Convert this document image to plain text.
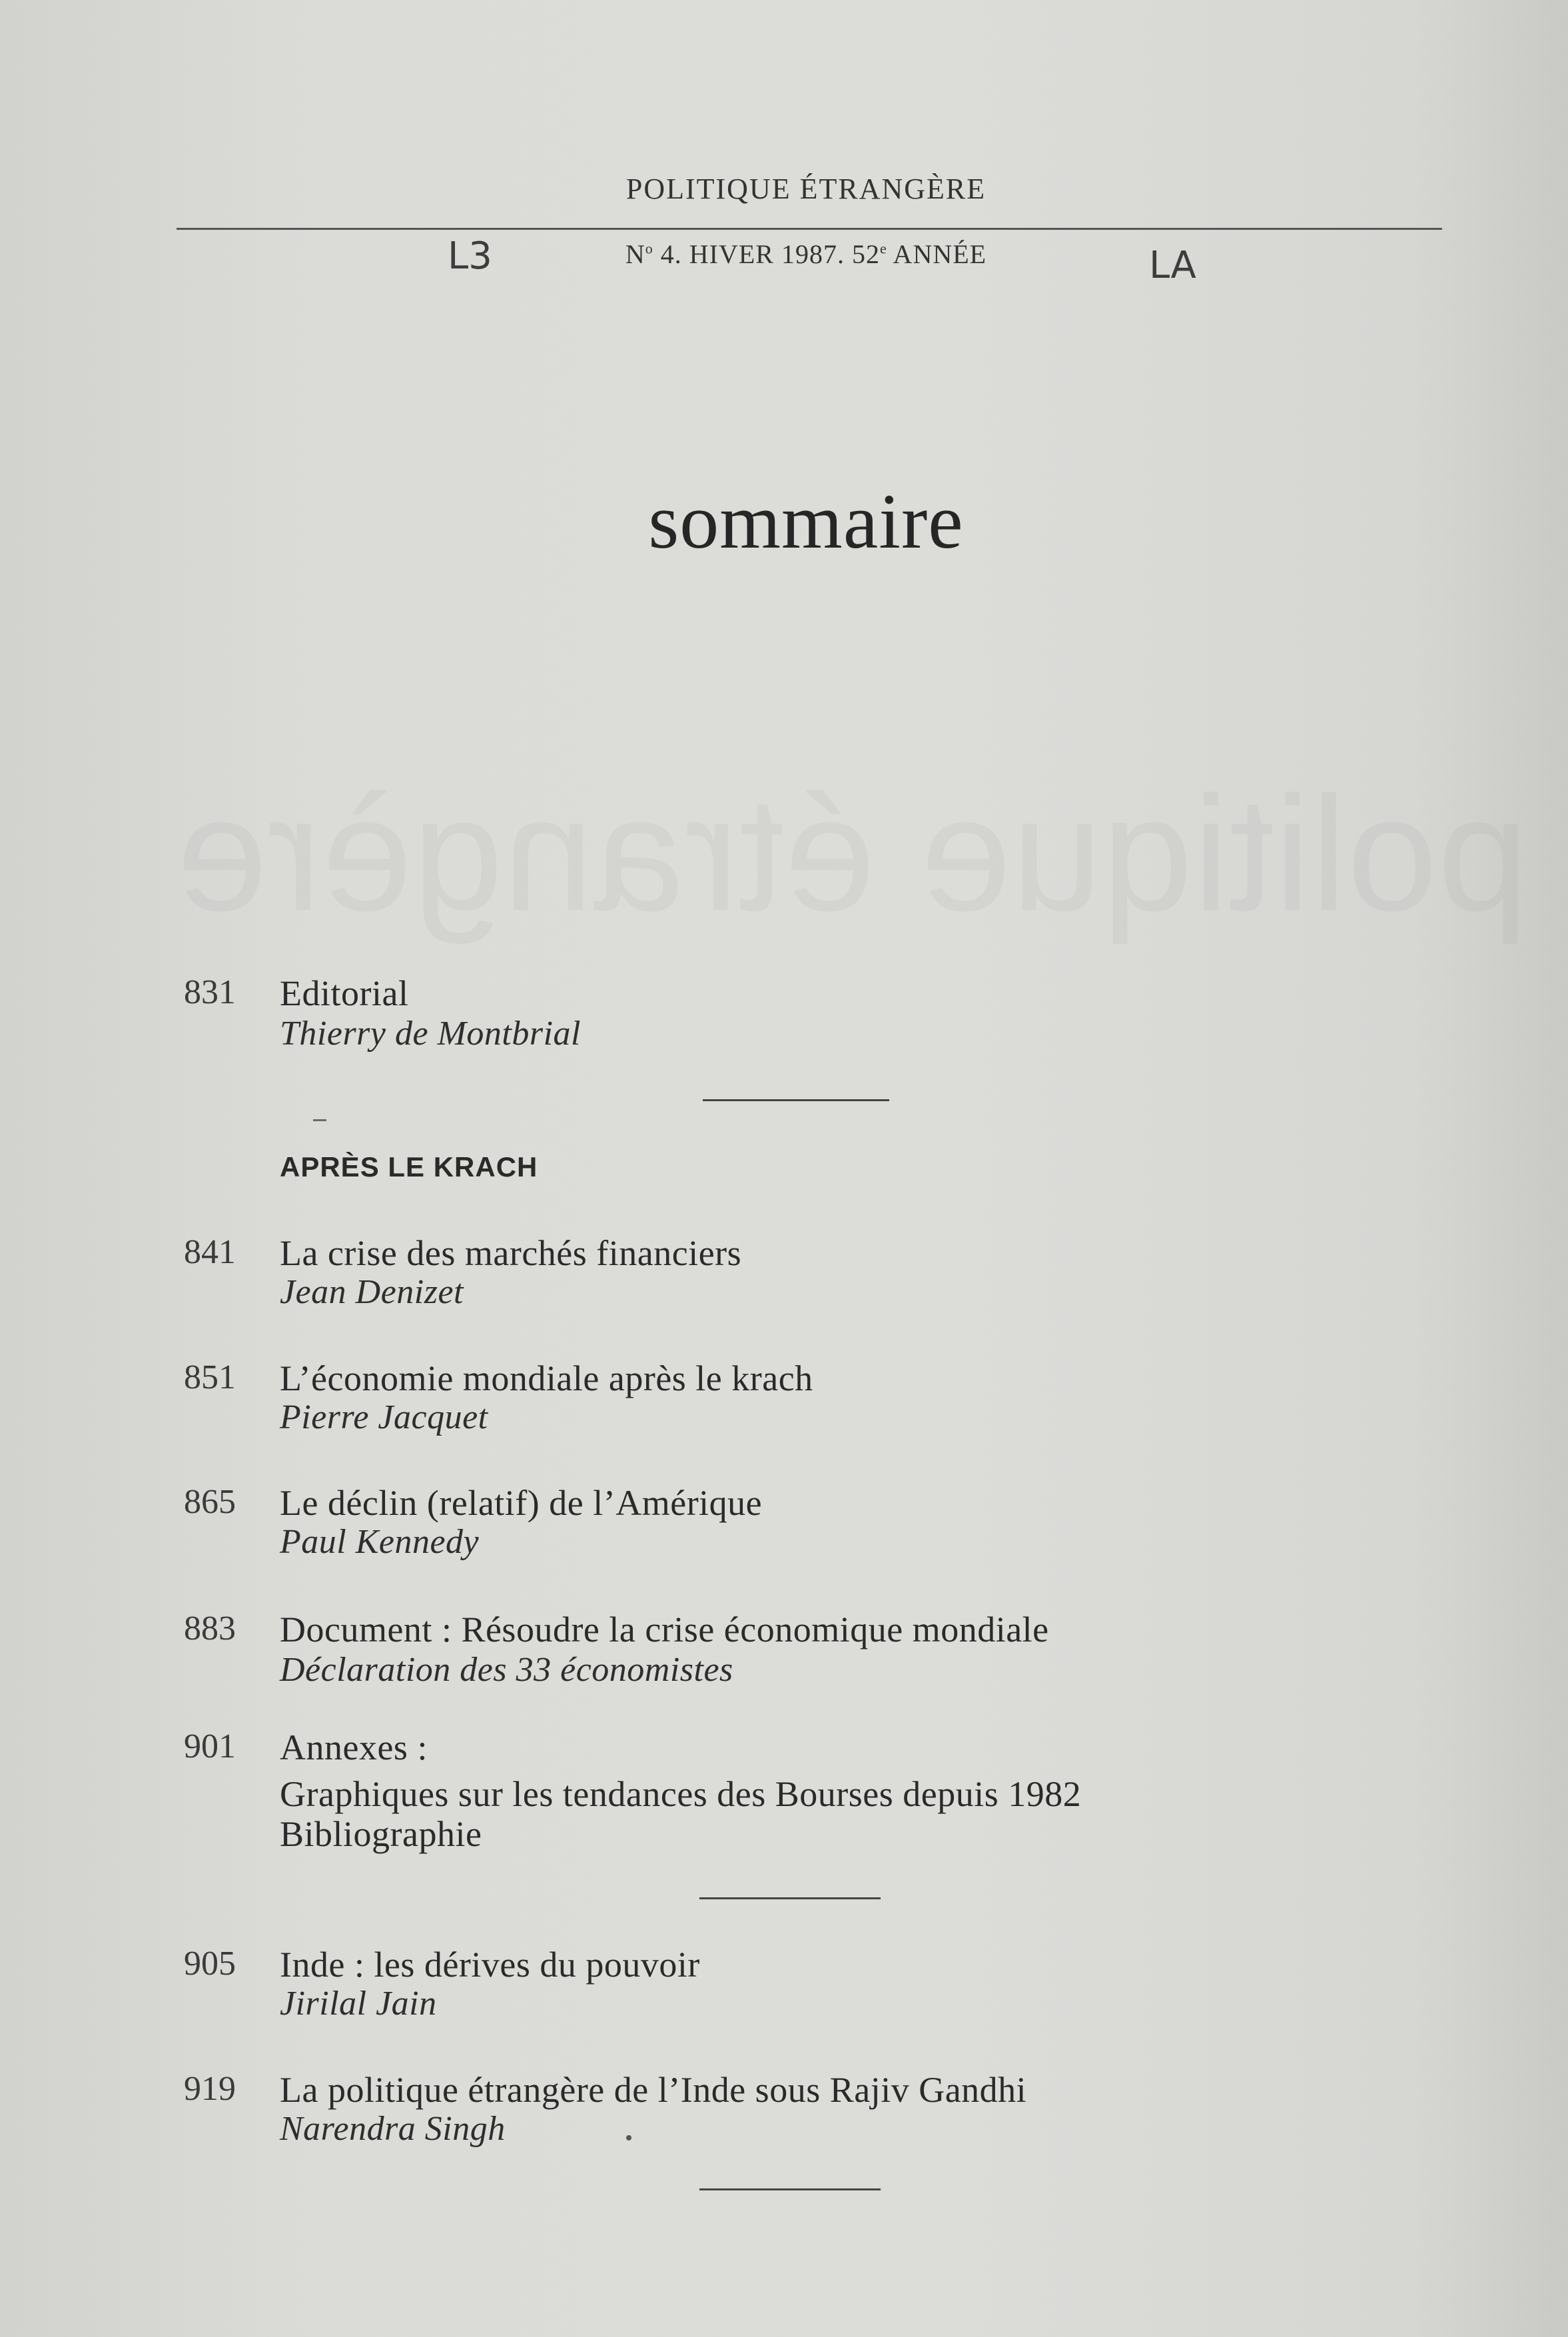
POLITIQUE ÉTRANGÈRE
$N^o$ 4. HIVER 1987. 52e ANNÉE
L3	LA
sommaire
politique étrangère
831 Editorial
Thierry de Montbrial
APRÈS LE KRACH
841 La crise des marchés financiers
Jean Denizet
851 L’économie mondiale après le krach
Pierre Jacquet
865 Le déclin (relatif) de l’Amérique
Paul Kennedy
883 Document : Résoudre la crise économique mondiale
Déclaration des 33 économistes
901 Annexes :
Graphiques sur les tendances des Bourses depuis 1982
Bibliographie
905 Inde : les dérives du pouvoir
Jirilal Jain
919 La politique étrangère de l’Inde sous Rajiv Gandhi
Narendra Singh
